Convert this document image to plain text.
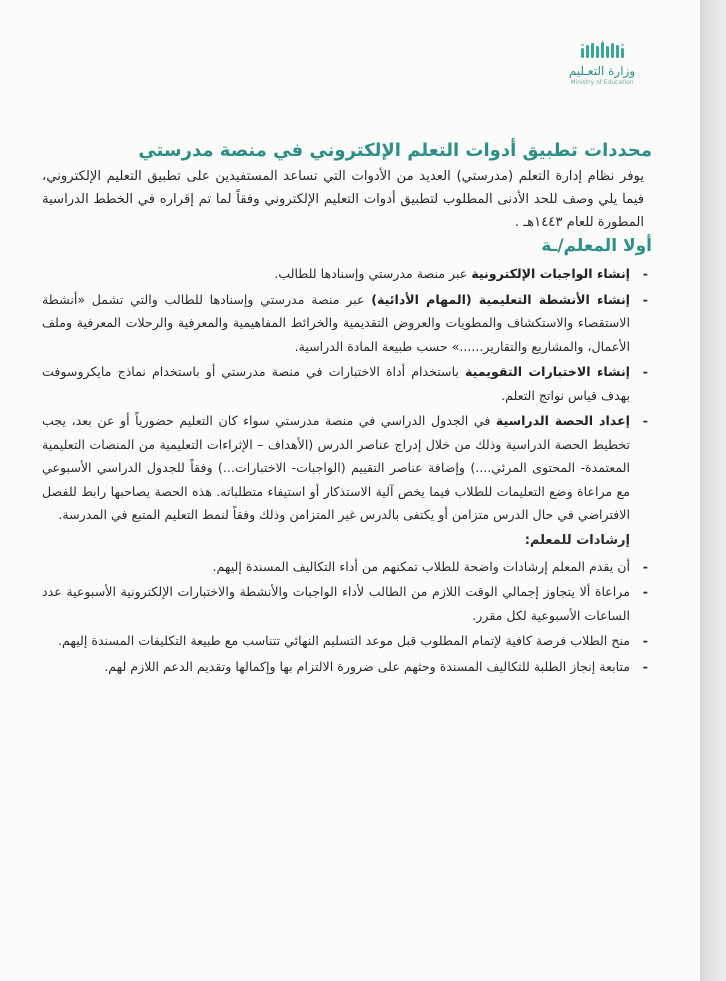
وزارة التعـليم
Ministry of Education
محددات تطبيق أدوات التعلم الإلكتروني في منصة مدرستي

يوفر نظام إدارة التعلم (مدرستي) العديد من الأدوات التي تساعد المستفيدين على تطبيق التعليم الإلكتروني، فيما يلي وصف للحد الأدنى المطلوب لتطبيق أدوات التعليم الإلكتروني وفقاً لما تم إقراره في الخطط الدراسية المطورة للعام ١٤٤٣هـ .

أولا المعلم/ـة
-
إنشاء الواجبات الإلكترونية عبر منصة مدرستي وإسنادها للطالب.
-
إنشاء الأنشطة التعليمية (المهام الأدائية) عبر منصة مدرستي وإسنادها للطالب والتي تشمل «أنشطة الاستقصاء والاستكشاف والمطويات والعروض التقديمية والخرائط المفاهيمية والمعرفية والرحلات المعرفية وملف الأعمال، والمشاريع والتقارير......» حسب طبيعة المادة الدراسية.
-
إنشاء الاختبارات التقويمية باستخدام أداة الاختبارات في منصة مدرستي أو باستخدام نماذج مايكروسوفت بهدف قياس نواتج التعلم.
-
إعداد الحصة الدراسية في الجدول الدراسي في منصة مدرستي سواء كان التعليم حضورياً أو عن بعد، يجب تخطيط الحصة الدراسية وذلك من خلال إدراج عناصر الدرس (الأهداف – الإثراءات التعليمية من المنصات التعليمية المعتمدة- المحتوى المرئي....) وإضافة عناصر التقييم (الواجبات- الاختبارات...) وفقاً للجدول الدراسي الأسبوعي مع مراعاة وضع التعليمات للطلاب فيما يخص آلية الاستذكار أو استيفاء متطلباته. هذه الحصة يصاحبها رابط للفصل الافتراضي في حال الدرس متزامن أو يكتفى بالدرس غير المتزامن وذلك وفقاً لنمط التعليم المتبع في المدرسة.
إرشادات للمعلم:
-
أن يقدم المعلم إرشادات واضحة للطلاب تمكنهم من أداء التكاليف المسندة إليهم.
-
مراعاة ألا يتجاوز إجمالي الوقت اللازم من الطالب لأداء الواجبات والأنشطة والاختبارات الإلكترونية الأسبوعية عدد الساعات الأسبوعية لكل مقرر.
-
منح الطلاب فرصة كافية لإتمام المطلوب قبل موعد التسليم النهائي تتناسب مع طبيعة التكليفات المسندة إليهم.
-
متابعة إنجاز الطلبة للتكاليف المسندة وحثهم على ضرورة الالتزام بها وإكمالها وتقديم الدعم اللازم لهم.
